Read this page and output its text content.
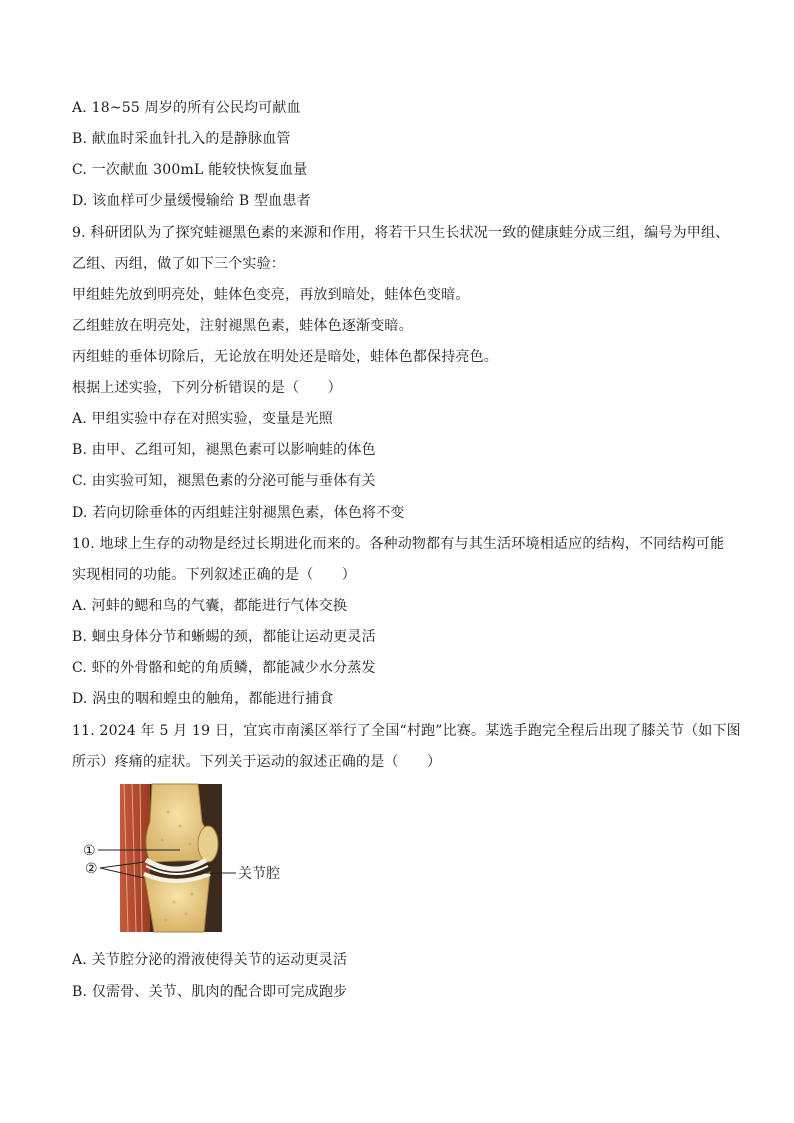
A. 18~55 周岁的所有公民均可献血
B. 献血时采血针扎入的是静脉血管
C. 一次献血 300mL 能较快恢复血量
D. 该血样可少量缓慢输给 B 型血患者
9. 科研团队为了探究蛙褪黑色素的来源和作用，将若干只生长状况一致的健康蛙分成三组，编号为甲组、
乙组、丙组，做了如下三个实验：
甲组蛙先放到明亮处，蛙体色变亮，再放到暗处，蛙体色变暗。
乙组蛙放在明亮处，注射褪黑色素，蛙体色逐渐变暗。
丙组蛙的垂体切除后，无论放在明处还是暗处，蛙体色都保持亮色。
根据上述实验，下列分析错误的是（　　）
A. 甲组实验中存在对照实验，变量是光照
B. 由甲、乙组可知，褪黑色素可以影响蛙的体色
C. 由实验可知，褪黑色素的分泌可能与垂体有关
D. 若向切除垂体的丙组蛙注射褪黑色素，体色将不变
10. 地球上生存的动物是经过长期进化而来的。各种动物都有与其生活环境相适应的结构，不同结构可能
实现相同的功能。下列叙述正确的是（　　）
A. 河蚌的鳃和鸟的气囊，都能进行气体交换
B. 蛔虫身体分节和蜥蜴的颈，都能让运动更灵活
C. 虾的外骨骼和蛇的角质鳞，都能减少水分蒸发
D. 涡虫的咽和蝗虫的触角，都能进行捕食
11. 2024 年 5 月 19 日，宜宾市南溪区举行了全国“村跑”比赛。某选手跑完全程后出现了膝关节（如下图
所示）疼痛的症状。下列关于运动的叙述正确的是（　　）
①
②	关节腔
A. 关节腔分泌的滑液使得关节的运动更灵活
B. 仅需骨、关节、肌肉的配合即可完成跑步
